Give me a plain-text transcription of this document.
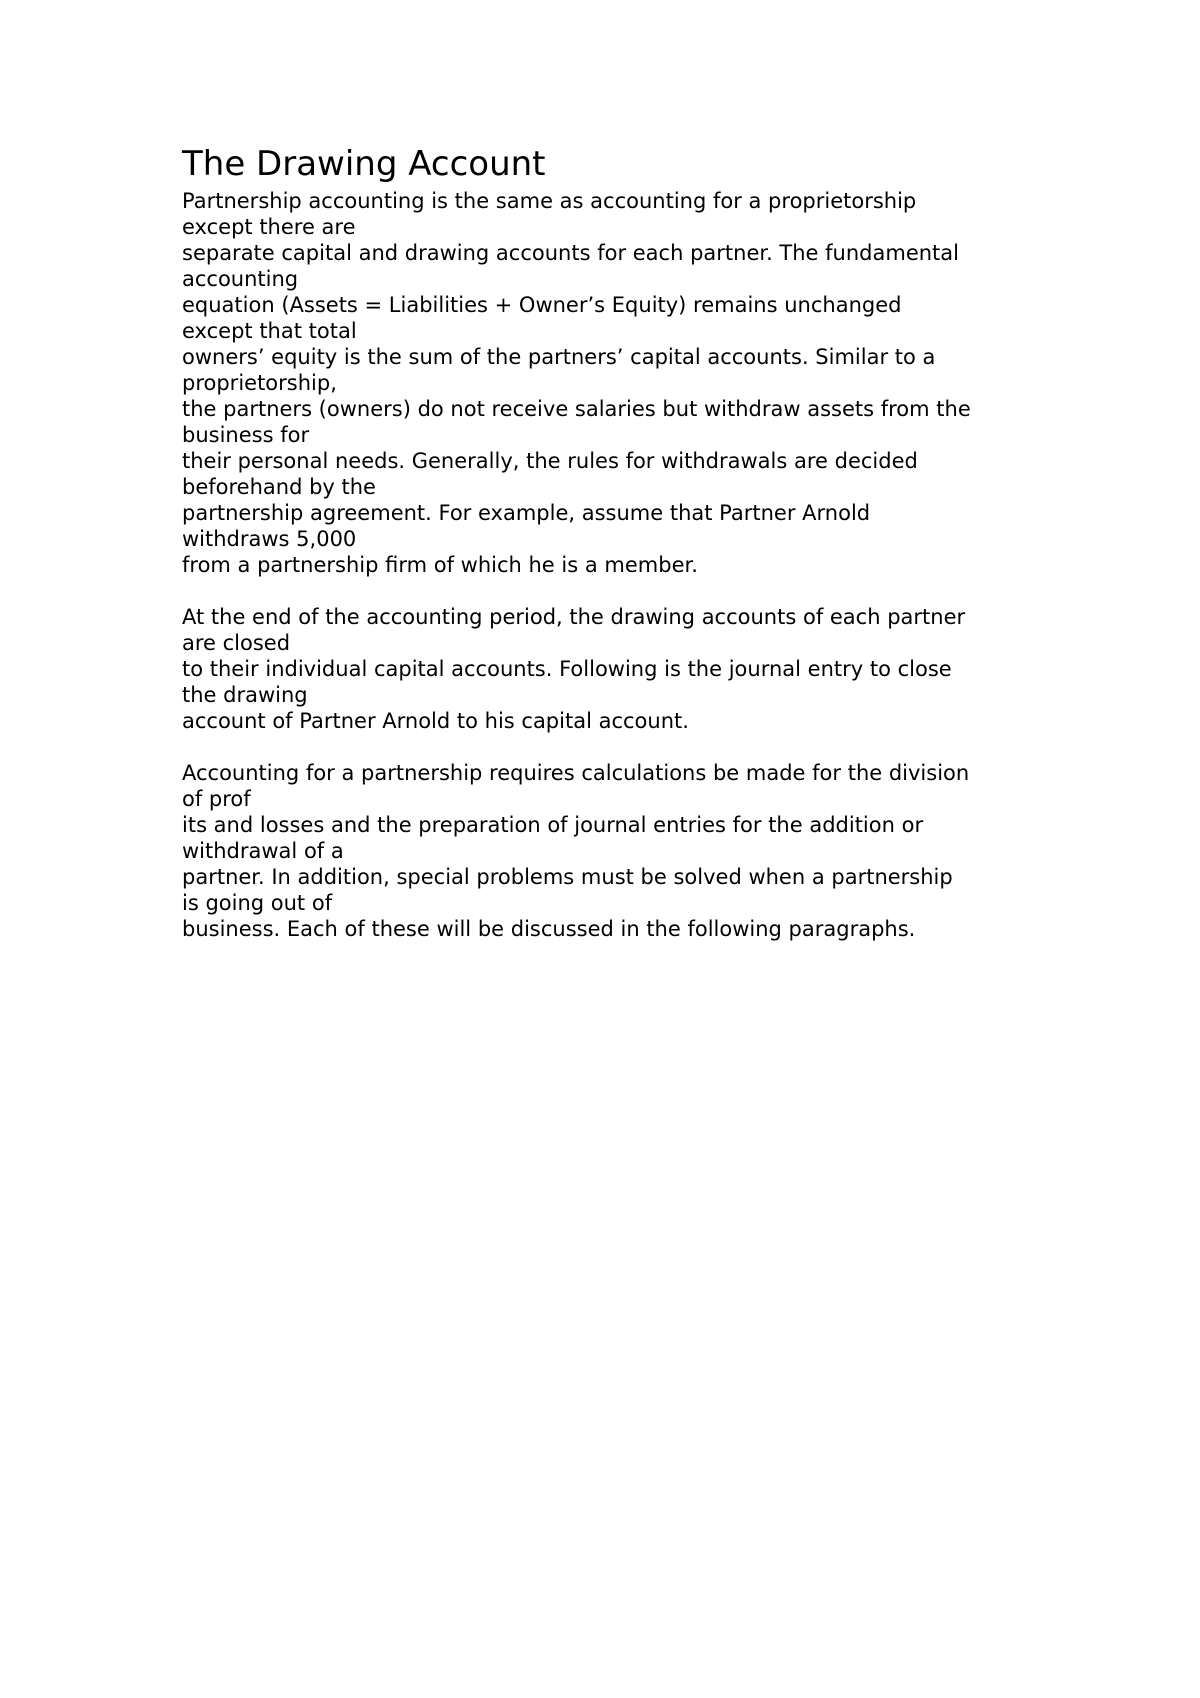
The Drawing Account

Partnership accounting is the same as accounting for a proprietorship
except there are
separate capital and drawing accounts for each partner. The fundamental
accounting
equation (Assets = Liabilities + Owner’s Equity) remains unchanged
except that total
owners’ equity is the sum of the partners’ capital accounts. Similar to a
proprietorship,
the partners (owners) do not receive salaries but withdraw assets from the
business for
their personal needs. Generally, the rules for withdrawals are decided
beforehand by the
partnership agreement. For example, assume that Partner Arnold
withdraws 5,000
from a partnership firm of which he is a member.

At the end of the accounting period, the drawing accounts of each partner
are closed
to their individual capital accounts. Following is the journal entry to close
the drawing
account of Partner Arnold to his capital account.

Accounting for a partnership requires calculations be made for the division
of prof
its and losses and the preparation of journal entries for the addition or
withdrawal of a
partner. In addition, special problems must be solved when a partnership
is going out of
business. Each of these will be discussed in the following paragraphs.
